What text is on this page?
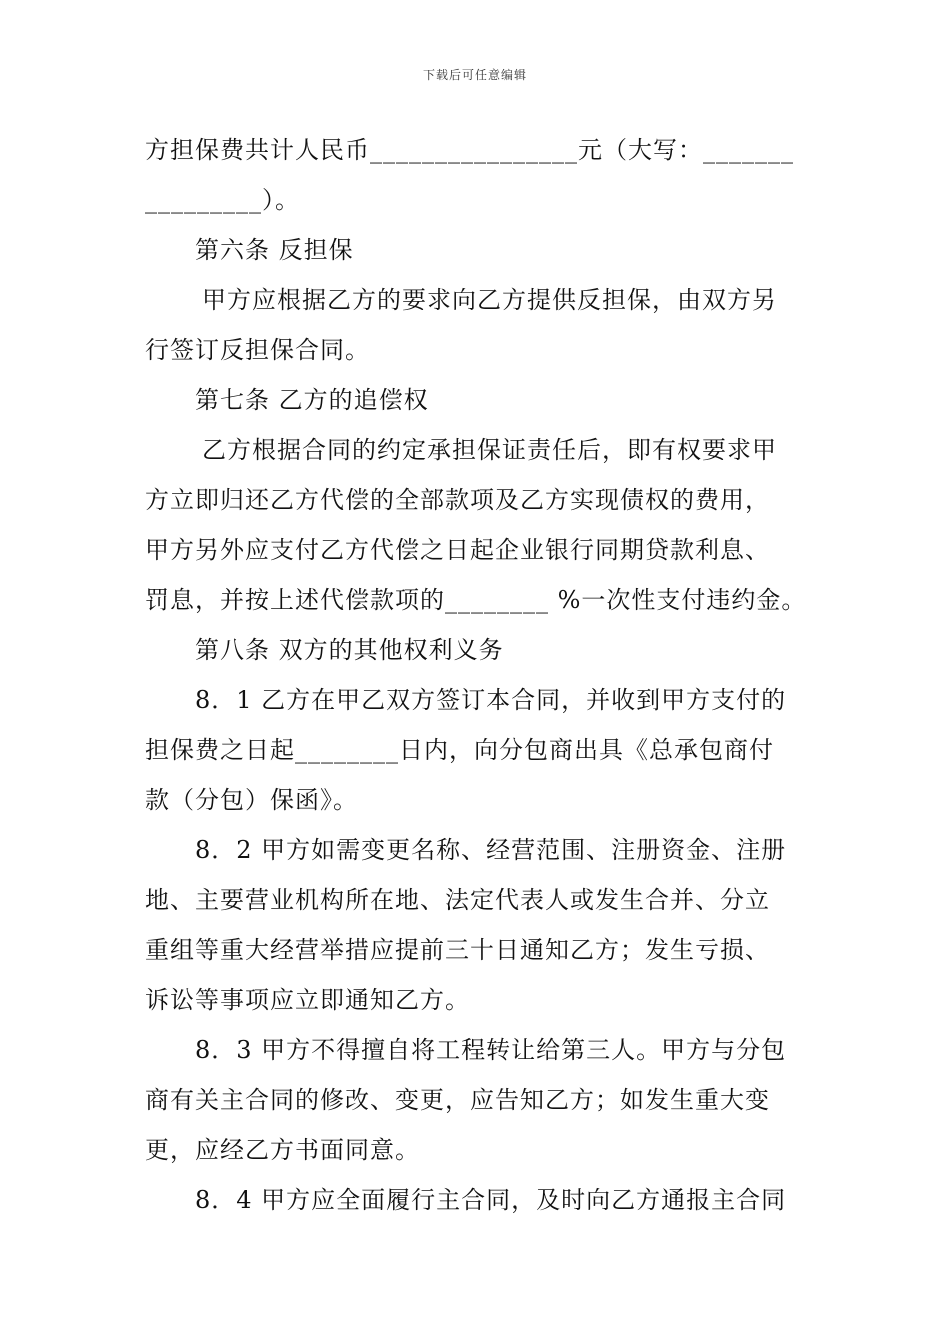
下载后可任意编辑
方担保费共计人民币________________元（大写：_______
_________）。
第六条 反担保
甲方应根据乙方的要求向乙方提供反担保，由双方另
行签订反担保合同。
第七条 乙方的追偿权
乙方根据合同的约定承担保证责任后，即有权要求甲
方立即归还乙方代偿的全部款项及乙方实现债权的费用，
甲方另外应支付乙方代偿之日起企业银行同期贷款利息、
罚息，并按上述代偿款项的________ %一次性支付违约金。
第八条 双方的其他权利义务
8．1 乙方在甲乙双方签订本合同，并收到甲方支付的
担保费之日起________日内，向分包商出具《总承包商付
款（分包）保函》。
8．2 甲方如需变更名称、经营范围、注册资金、注册
地、主要营业机构所在地、法定代表人或发生合并、分立
重组等重大经营举措应提前三十日通知乙方；发生亏损、
诉讼等事项应立即通知乙方。
8．3 甲方不得擅自将工程转让给第三人。甲方与分包
商有关主合同的修改、变更，应告知乙方；如发生重大变
更，应经乙方书面同意。
8．4 甲方应全面履行主合同，及时向乙方通报主合同
